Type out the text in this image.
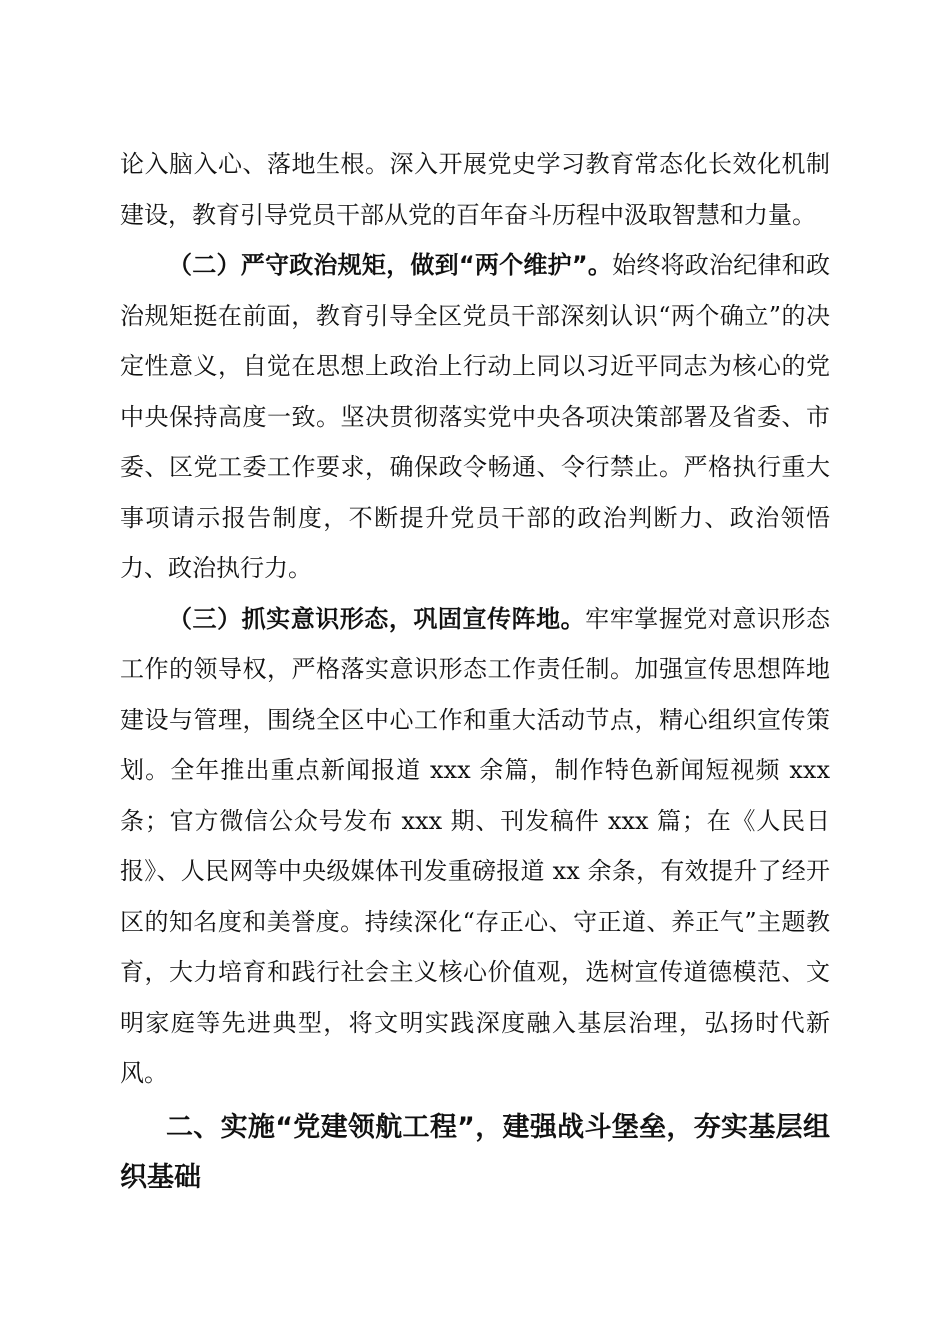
论入脑入心、落地生根。深入开展党史学习教育常态化长效化机制建设，教育引导党员干部从党的百年奋斗历程中汲取智慧和力量。

（二）严守政治规矩，做到“两个维护”。始终将政治纪律和政治规矩挺在前面，教育引导全区党员干部深刻认识“两个确立”的决定性意义，自觉在思想上政治上行动上同以习近平同志为核心的党中央保持高度一致。坚决贯彻落实党中央各项决策部署及省委、市委、区党工委工作要求，确保政令畅通、令行禁止。严格执行重大事项请示报告制度，不断提升党员干部的政治判断力、政治领悟力、政治执行力。

（三）抓实意识形态，巩固宣传阵地。牢牢掌握党对意识形态工作的领导权，严格落实意识形态工作责任制。加强宣传思想阵地建设与管理，围绕全区中心工作和重大活动节点，精心组织宣传策划。全年推出重点新闻报道 xxx 余篇，制作特色新闻短视频 xxx 条；官方微信公众号发布 xxx 期、刊发稿件 xxx 篇；在《人民日报》、人民网等中央级媒体刊发重磅报道 xx 余条，有效提升了经开区的知名度和美誉度。持续深化“存正心、守正道、养正气”主题教育，大力培育和践行社会主义核心价值观，选树宣传道德模范、文明家庭等先进典型，将文明实践深度融入基层治理，弘扬时代新风。

二、实施“党建领航工程”，建强战斗堡垒，夯实基层组织基础
